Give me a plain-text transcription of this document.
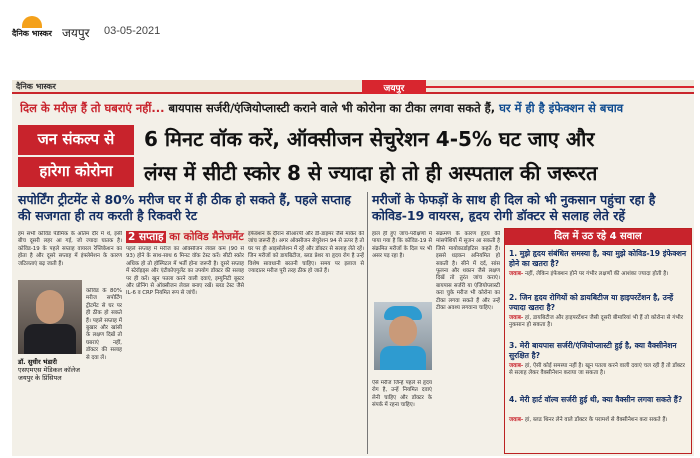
दैनिक भास्कर जयपुर 03-05-2021
दैनिक भास्कर	जयपुर
दिल के मरीज़ हैं तो घबराएं नहीं... बायपास सर्जरी/एंजियोप्लास्टी कराने वाले भी कोरोना का टीका लगवा सकते हैं, घर में ही है इंफेक्शन से बचाव
जन संकल्प से
हारेगा कोरोना
6 मिनट वॉक करें, ऑक्सीजन सेचुरेशन 4-5% घट जाए और
लंग्स में सीटी स्कोर 8 से ज्यादा हो तो ही अस्पताल की जरूरत
सपोर्टिंग ट्रीटमेंट से 80% मरीज घर में ही ठीक हो सकते हैं, पहले सप्ताह की सजगता ही तय करती है रिकवरी रेट
मरीजों के फेफड़ों के साथ ही दिल को भी नुकसान पहुंचा रहा है कोविड-19 वायरस, हृदय रोगी डॉक्टर से सलाह लेते रहें
हम सभी कोविड पेंडेमिक के अंतिम दौर में थे, इसी बीच दूसरी लहर आ गई, जो ज्यादा घातक है। कोविड-19 के पहले सप्ताह वायरल रेप्लिकेशन का होता है और दूसरे सप्ताह में इंफ्लेमेशन के कारण जटिलताएं बढ़ जाती हैं।
कोविड के 80% मरीज सपोर्टिंग ट्रीटमेंट से घर पर ही ठीक हो सकते हैं। पहले सप्ताह में बुखार और खांसी के लक्षण दिखें तो घबराएं नहीं, डॉक्टर की सलाह से दवा लें।
डॉ. सुधीर भंडारी
एसएमएस मेडिकल कॉलेज जयपुर के प्रिंसिपल
2 सप्ताह का कोविड मैनेजमेंट
पहले सप्ताह में मरीज का ऑक्सीजन लेवल कम (90 से 93) होने के साथ-साथ 6 मिनट वॉक टेस्ट करें। सीटी स्कोर अधिक हो तो हॉस्पिटल में भर्ती होना जरूरी है। दूसरे सप्ताह में स्टेरॉइड्स और एंटीकोएगुलेंट का उपयोग डॉक्टर की सलाह पर ही करें। खून पतला करने वाली दवाएं, इम्युनिटी बूस्टर और प्रोनिंग से ऑक्सीजन लेवल बनाए रखें। ब्लड टेस्ट जैसे IL-6 व CRP नियमित रूप से जांचें।
इंफेक्शन के दौरान सीआरपी और डी-डाइमर जैसे मार्कर की जांच जरूरी है। अगर ऑक्सीजन सेचुरेशन 94 से ऊपर है तो घर पर ही आइसोलेशन में रहें और डॉक्टर से सलाह लेते रहें। जिन मरीजों को डायबिटीज, ब्लड प्रेशर या हृदय रोग है उन्हें विशेष सावधानी बरतनी चाहिए। समय पर इलाज से ज्यादातर मरीज पूरी तरह ठीक हो जाते हैं।
हाल ही हुए जांच-परीक्षणों में पाया गया है कि कोविड-19 से संक्रमित मरीजों के दिल पर भी असर पड़ रहा है।
ऐसे मरीज जिन्हें पहले से हृदय रोग है, उन्हें नियमित दवाएं लेनी चाहिए और डॉक्टर के संपर्क में रहना चाहिए।
संक्रमण के कारण हृदय की मांसपेशियों में सूजन आ सकती है जिसे मायोकार्डाइटिस कहते हैं। इससे धड़कन अनियमित हो सकती है। सीने में दर्द, सांस फूलना और थकान जैसे लक्षण दिखें तो तुरंत जांच कराएं। बायपास सर्जरी या एंजियोप्लास्टी करा चुके मरीज भी कोरोना का टीका लगवा सकते हैं और उन्हें टीका अवश्य लगवाना चाहिए।
दिल में उठ रहे 4 सवाल
1. मुझे हृदय संबंधित समस्या है, क्या मुझे कोविड-19 इंफेक्शन होने का खतरा है?
जवाब- नहीं, लेकिन इंफेक्शन होने पर गंभीर लक्षणों की आशंका ज्यादा होती है।
2. जिन हृदय रोगियों को डायबिटीज या हाइपरटेंशन है, उन्हें ज्यादा खतरा है?
जवाब- हां, डायबिटीज और हाइपरटेंशन जैसी दूसरी बीमारियां भी हैं तो कोरोना से गंभीर नुकसान हो सकता है।
3. मेरी बायपास सर्जरी/एंजियोप्लास्टी हुई है, क्या वैक्सीनेशन सुरक्षित है?
जवाब- हां, ऐसी कोई समस्या नहीं है। खून पतला करने वाली दवाएं चल रही हैं तो डॉक्टर से सलाह लेकर वैक्सीनेशन कराया जा सकता है।
4. मेरी हार्ट वॉल्व सर्जरी हुई थी, क्या वैक्सीन लगवा सकते हैं?
जवाब- हां, ब्लड थिनर लेने वाले डॉक्टर के परामर्श से वैक्सीनेशन करा सकते हैं।
